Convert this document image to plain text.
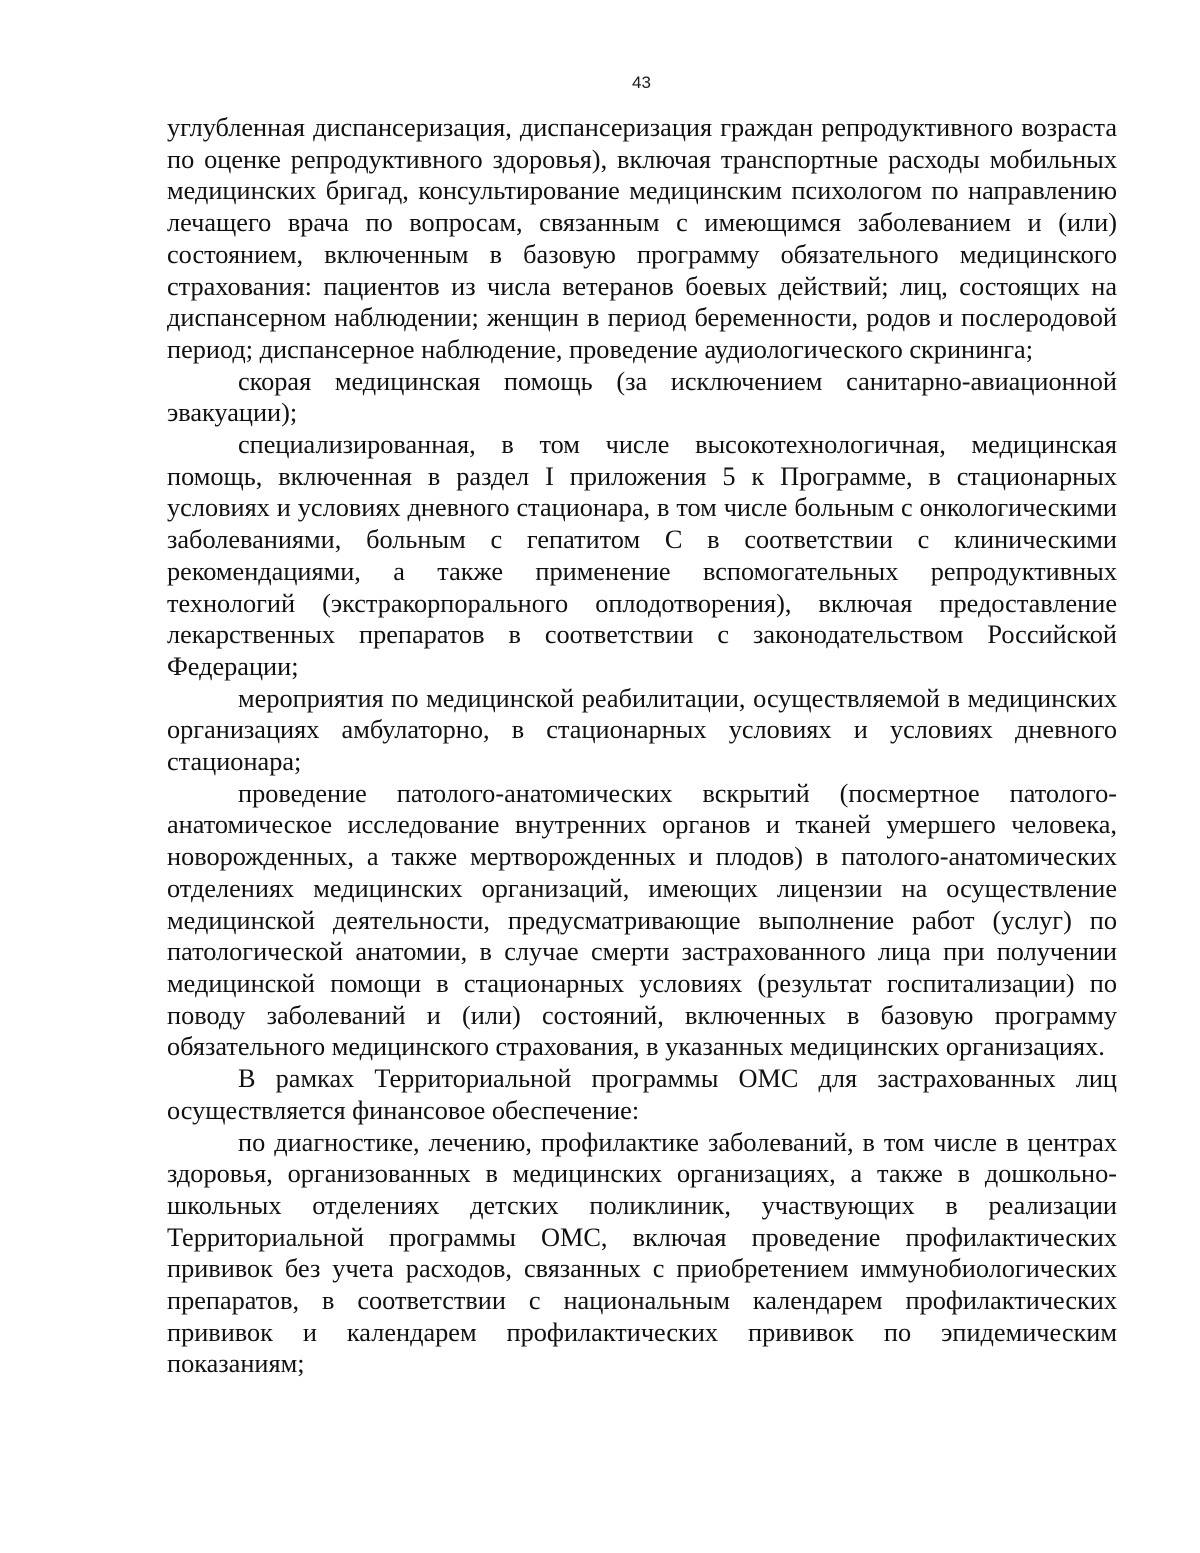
43

углубленная диспансеризация, диспансеризация граждан репродуктивного возраста по оценке репродуктивного здоровья), включая транспортные расходы мобильных медицинских бригад, консультирование медицинским психологом по направлению лечащего врача по вопросам, связанным с имеющимся заболеванием и (или) состоянием, включенным в базовую программу обязательного медицинского страхования: пациентов из числа ветеранов боевых действий; лиц, состоящих на диспансерном наблюдении; женщин в период беременности, родов и послеродовой период; диспансерное наблюдение, проведение аудиологического скрининга;

скорая медицинская помощь (за исключением санитарно-авиационной эвакуации);

специализированная, в том числе высокотехнологичная, медицинская помощь, включенная в раздел I приложения 5 к Программе, в стационарных условиях и условиях дневного стационара, в том числе больным с онкологическими заболеваниями, больным с гепатитом С в соответствии с клиническими рекомендациями, а также применение вспомогательных репродуктивных технологий (экстракорпорального оплодотворения), включая предоставление лекарственных препаратов в соответствии с законодательством Российской Федерации;

мероприятия по медицинской реабилитации, осуществляемой в медицинских организациях амбулаторно, в стационарных условиях и условиях дневного стационара;

проведение патолого-анатомических вскрытий (посмертное патолого-анатомическое исследование внутренних органов и тканей умершего человека, новорожденных, а также мертворожденных и плодов) в патолого-анатомических отделениях медицинских организаций, имеющих лицензии на осуществление медицинской деятельности, предусматривающие выполнение работ (услуг) по патологической анатомии, в случае смерти застрахованного лица при получении медицинской помощи в стационарных условиях (результат госпитализации) по поводу заболеваний и (или) состояний, включенных в базовую программу обязательного медицинского страхования, в указанных медицинских организациях.

В рамках Территориальной программы ОМС для застрахованных лиц осуществляется финансовое обеспечение:

по диагностике, лечению, профилактике заболеваний, в том числе в центрах здоровья, организованных в медицинских организациях, а также в дошкольно-школьных отделениях детских поликлиник, участвующих в реализации Территориальной программы ОМС, включая проведение профилактических прививок без учета расходов, связанных с приобретением иммунобиологических препаратов, в соответствии с национальным календарем профилактических прививок и календарем профилактических прививок по эпидемическим показаниям;
